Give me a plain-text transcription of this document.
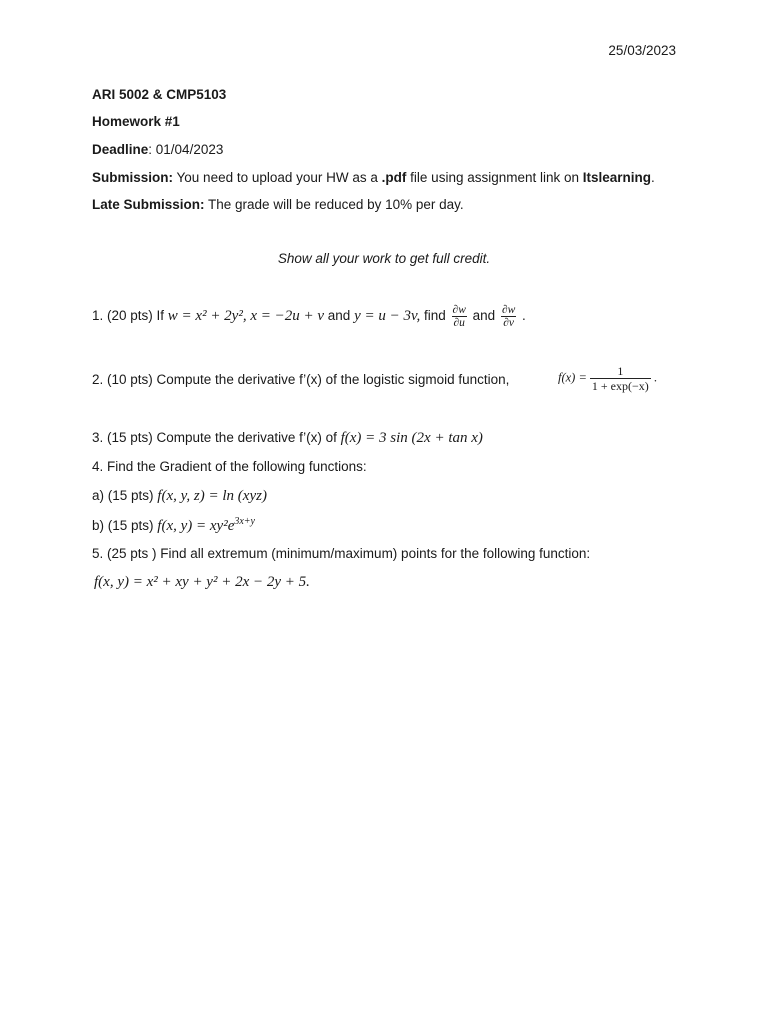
25/03/2023
ARI 5002 & CMP5103
Homework #1
Deadline: 01/04/2023
Submission: You need to upload your HW as a .pdf file using assignment link on Itslearning.
Late Submission: The grade will be reduced by 10% per day.
Show all your work to get full credit.
1. (20 pts) If w = x² + 2y², x = −2u + v and y = u − 3v, find $\frac{\partial w}{\partial u}$ and $\frac{\partial w}{\partial v}$ .
2. (10 pts) Compute the derivative f’(x) of the logistic sigmoid function,	$f(x) = \frac{1}{1 + \exp(-x)}$ .
3. (15 pts) Compute the derivative f’(x) of f(x) = 3 sin (2x + tan x)
4. Find the Gradient of the following functions:
a) (15 pts) f(x, y, z) = ln (xyz)
b) (15 pts) f(x, $y) = xy^2e^{3x+y}$
5. (25 pts ) Find all extremum (minimum/maximum) points for the following function:
f(x, y) = x² + xy + y² + 2x − 2y + 5.
